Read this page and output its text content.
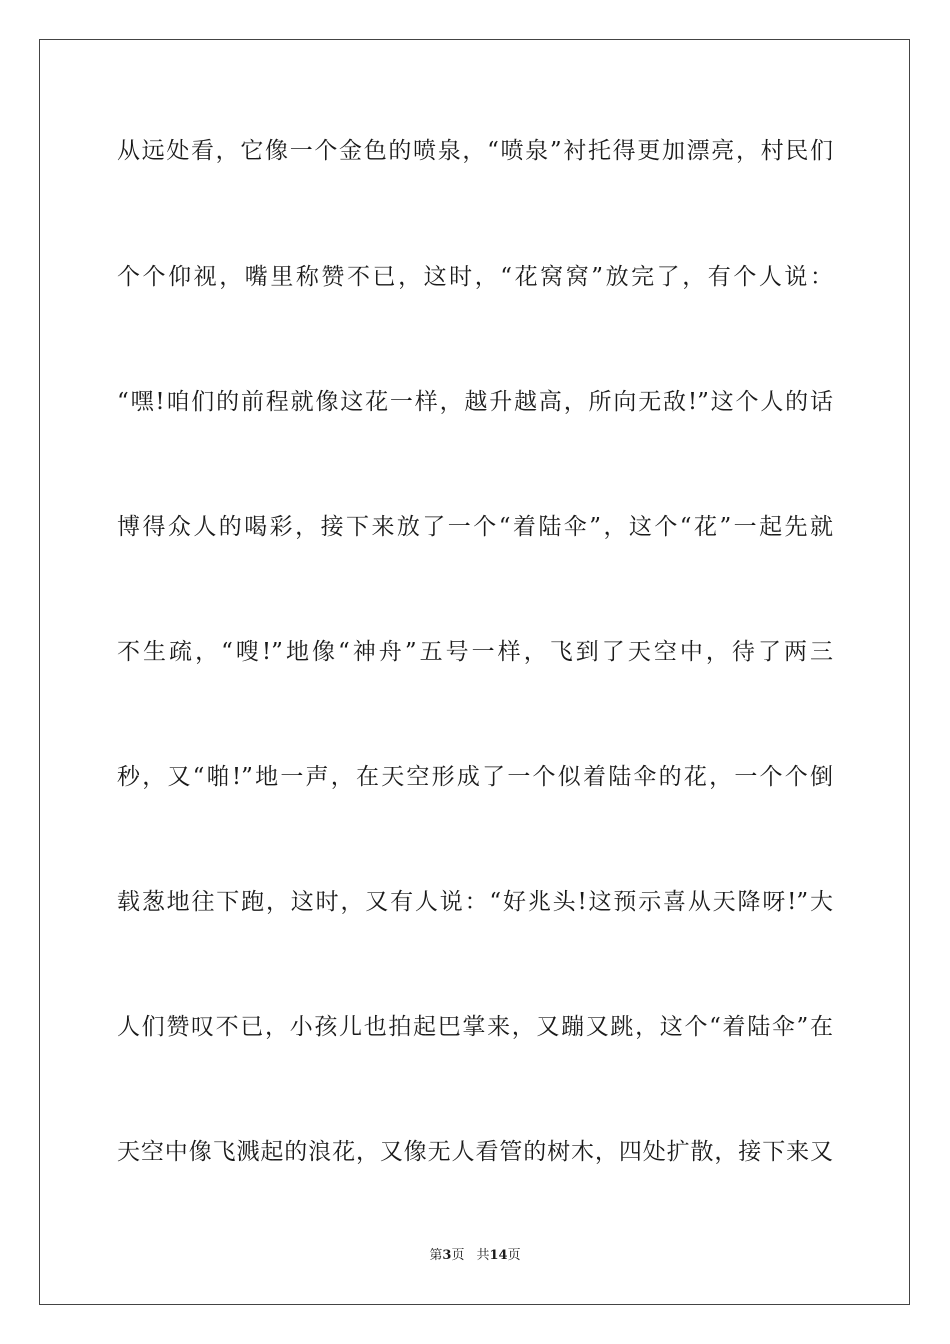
从远处看，它像一个金色的喷泉，“喷泉”衬托得更加漂亮，村民们
个个仰视，嘴里称赞不已，这时，“花窝窝”放完了，有个人说：
“嘿!咱们的前程就像这花一样，越升越高，所向无敌!”这个人的话
博得众人的喝彩，接下来放了一个“着陆伞”，这个“花”一起先就
不生疏，“嗖!”地像“神舟”五号一样，飞到了天空中，待了两三
秒，又“啪!”地一声，在天空形成了一个似着陆伞的花，一个个倒
载葱地往下跑，这时，又有人说：“好兆头!这预示喜从天降呀!”大
人们赞叹不已，小孩儿也拍起巴掌来，又蹦又跳，这个“着陆伞”在
天空中像飞溅起的浪花，又像无人看管的树木，四处扩散，接下来又
第3页 共14页
